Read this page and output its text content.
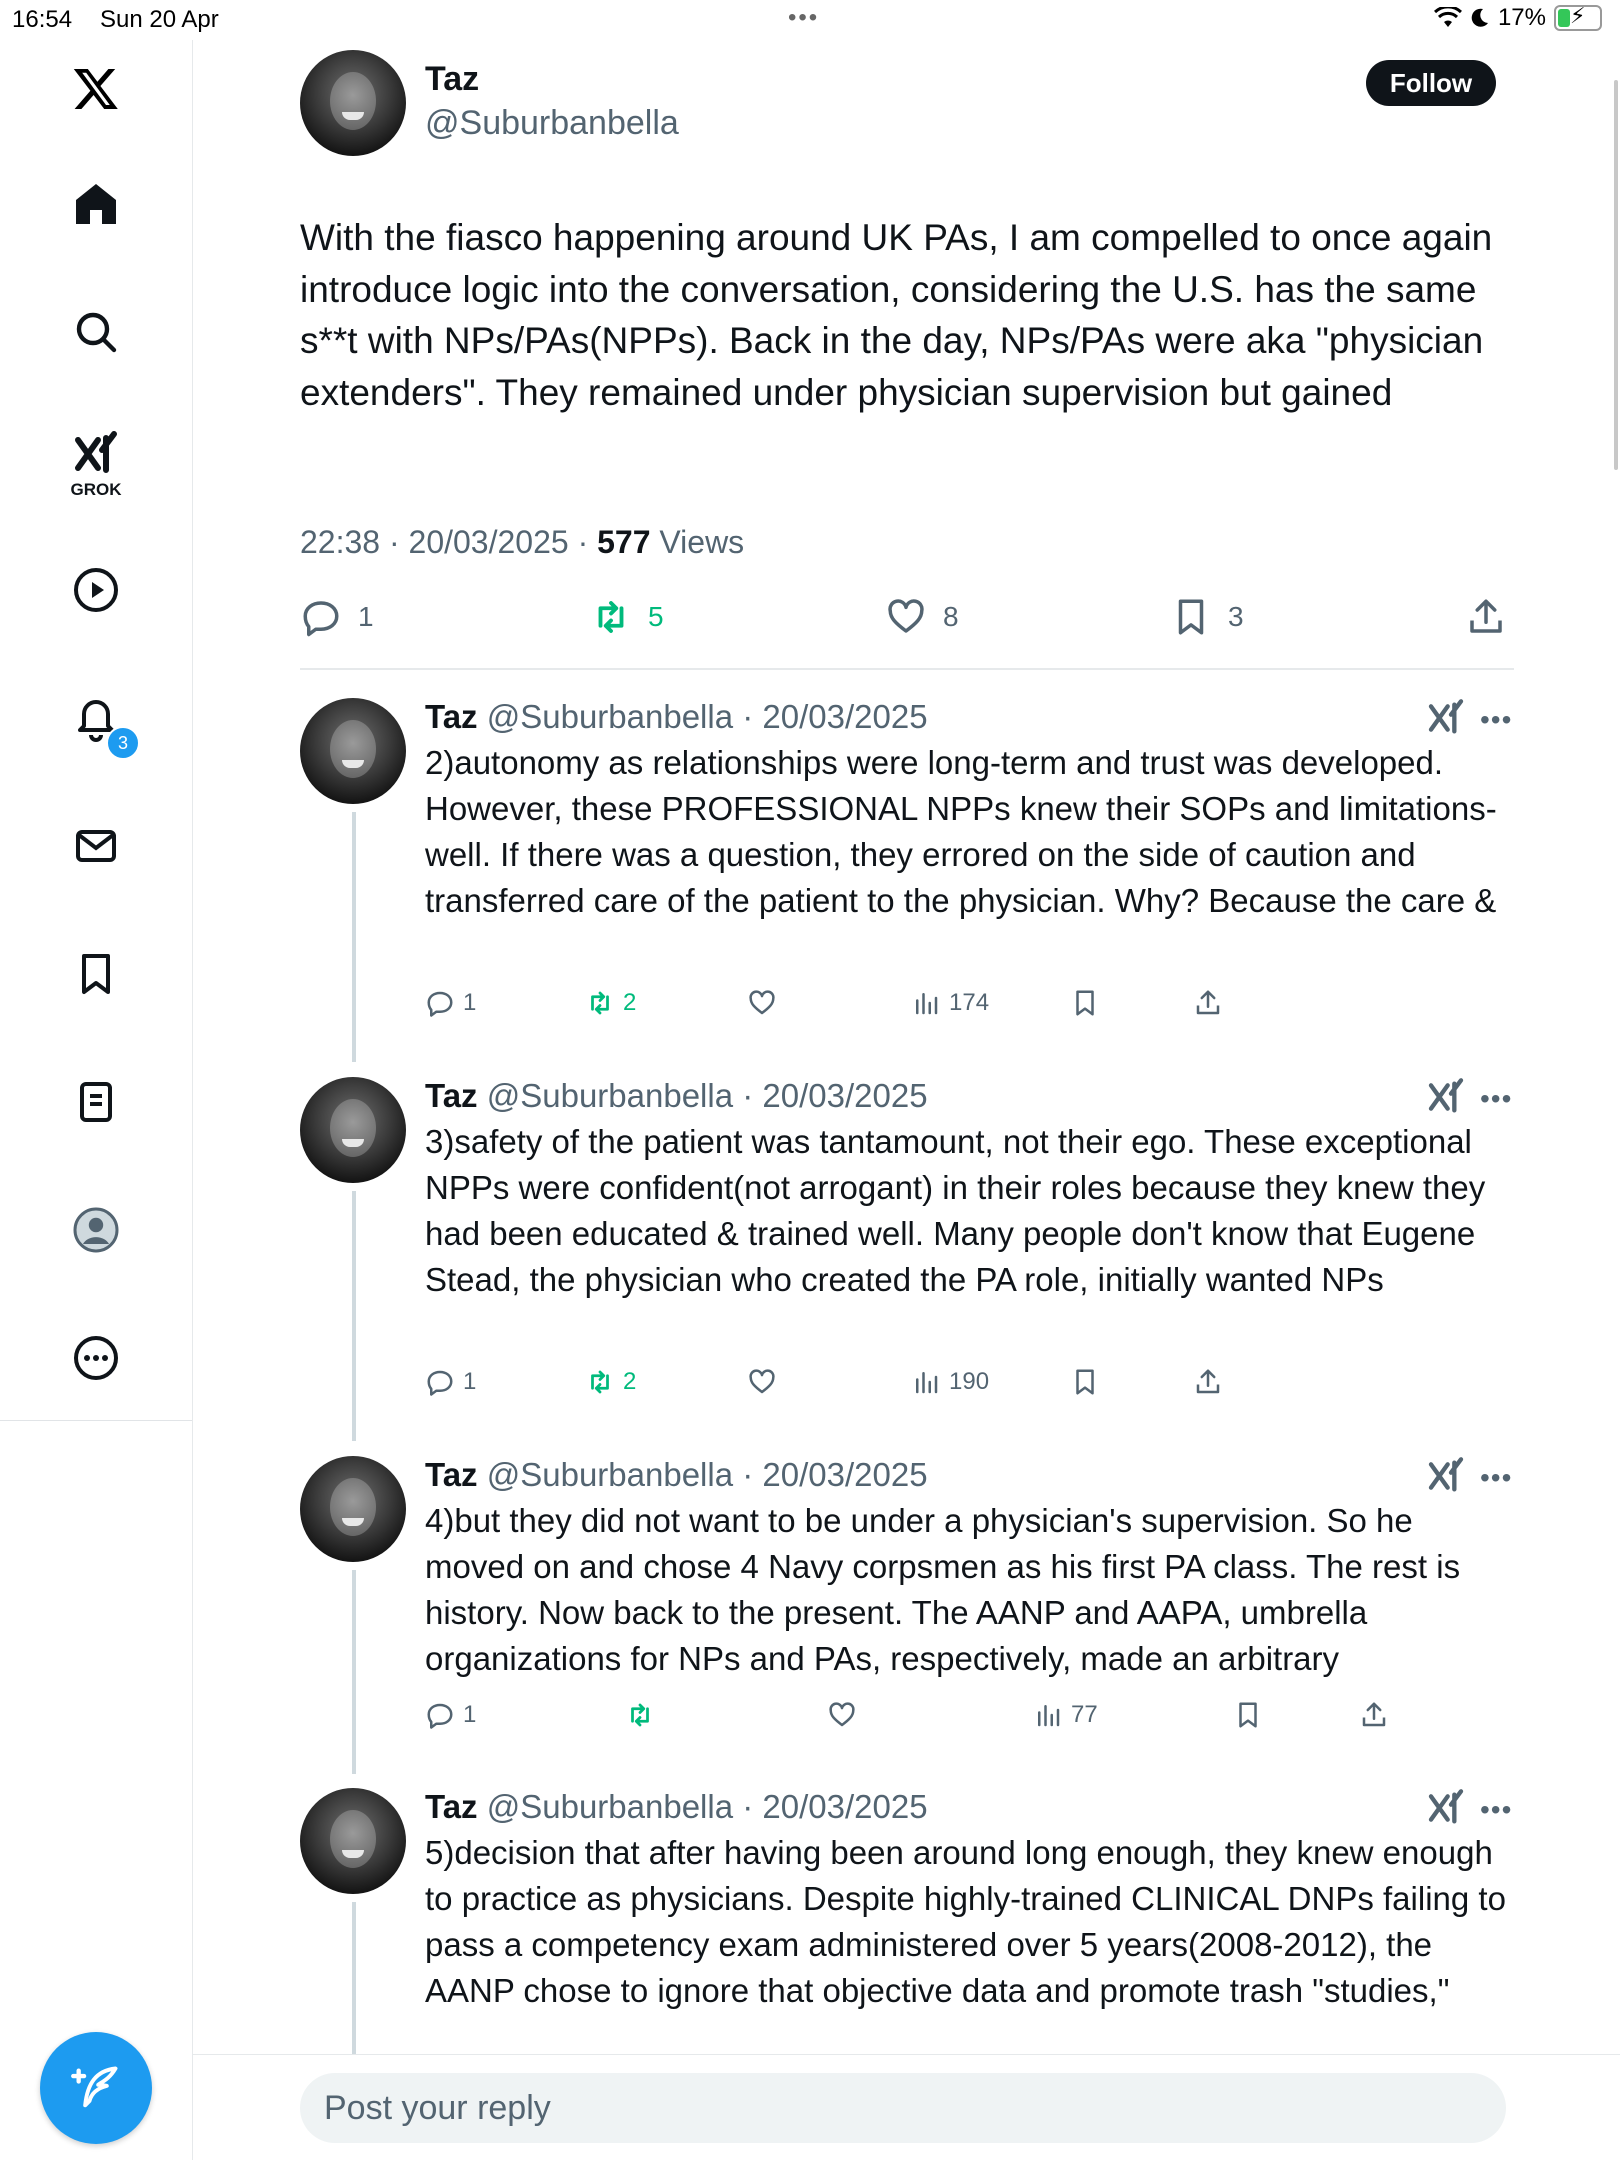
16:54 Sun 20 Apr	•••	17% ⚡
GROK
3
Taz
@Suburbanbella
Follow
With the fiasco happening around UK PAs, I am compelled to once again introduce logic into the conversation, considering the U.S. has the same s**t with NPs/PAs(NPPs). Back in the day, NPs/PAs were aka "physician extenders". They remained under physician supervision but gained
22:38 · 20/03/2025 · 577 Views
1	5	8	3
Taz @Suburbanbella · 20/03/2025	•••
2)autonomy as relationships were long-term and trust was developed. However, these PROFESSIONAL NPPs knew their SOPs and limitations-well. If there was a question, they errored on the side of caution and transferred care of the patient to the physician. Why? Because the care &
1	2	174
Taz @Suburbanbella · 20/03/2025	•••
3)safety of the patient was tantamount, not their ego. These exceptional NPPs were confident(not arrogant) in their roles because they knew they had been educated & trained well. Many people don't know that Eugene Stead, the physician who created the PA role, initially wanted NPs
1	2	190
Taz @Suburbanbella · 20/03/2025	•••
4)but they did not want to be under a physician's supervision. So he moved on and chose 4 Navy corpsmen as his first PA class. The rest is history. Now back to the present. The AANP and AAPA, umbrella organizations for NPs and PAs, respectively, made an arbitrary
1	77
Taz @Suburbanbella · 20/03/2025	•••
5)decision that after having been around long enough, they knew enough to practice as physicians. Despite highly-trained CLINICAL DNPs failing to pass a competency exam administered over 5 years(2008-2012), the AANP chose to ignore that objective data and promote trash "studies,"
Post your reply
